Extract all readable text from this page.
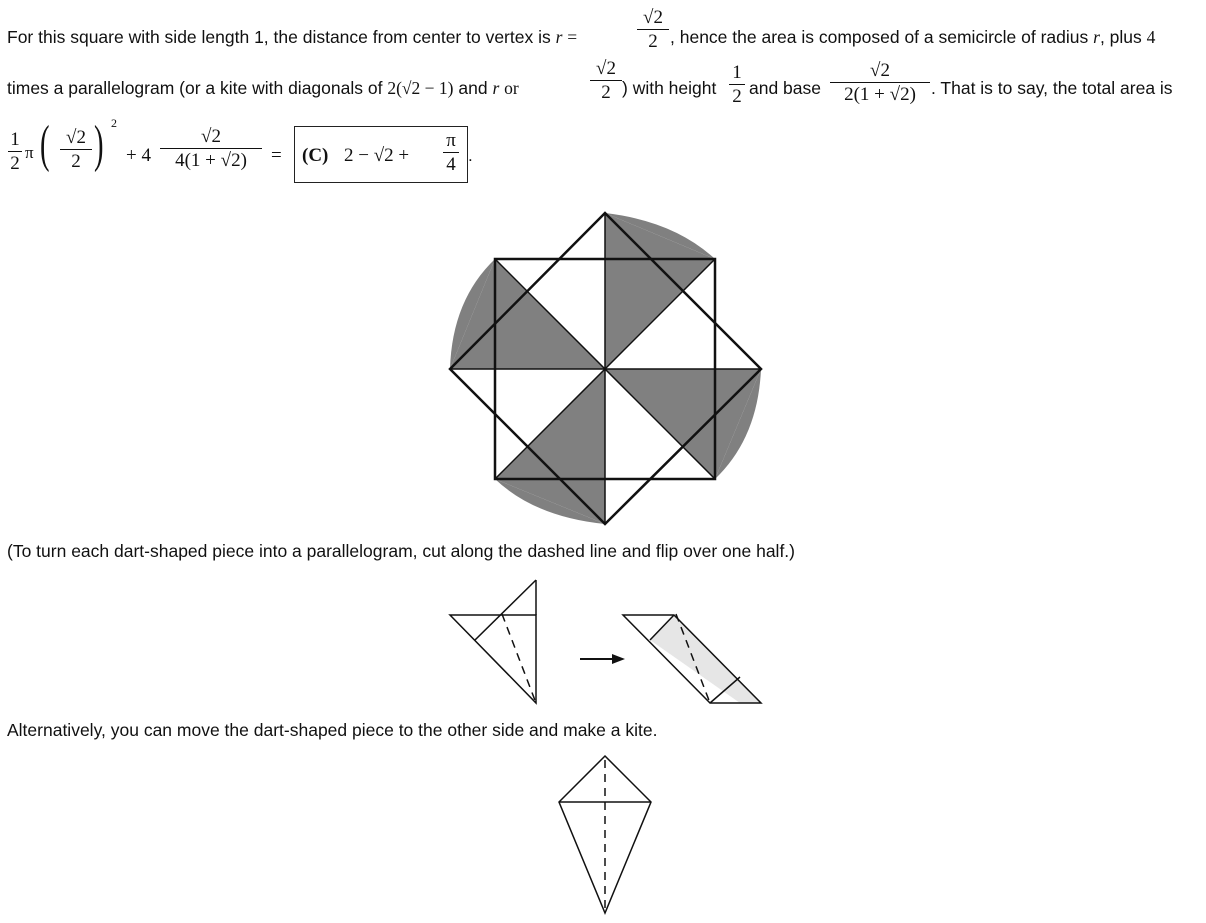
For this square with side length 1, the distance from center to vertex is r =
√2
2 , hence the area is composed of a semicircle of radius r, plus 4
times a parallelogram (or a kite with diagonals of 2(√2 − 1) and r or
√2
2 ) with height
1
2 and base
√2
2(1 + √2) . That is to say, the total area is
1
2
π ( √2
2 ) 2
+ 4
√2
4(1 + √2)	= (C) 2 − √2 +
π
4 .
(To turn each dart-shaped piece into a parallelogram, cut along the dashed line and flip over one half.)
Alternatively, you can move the dart-shaped piece to the other side and make a kite.
